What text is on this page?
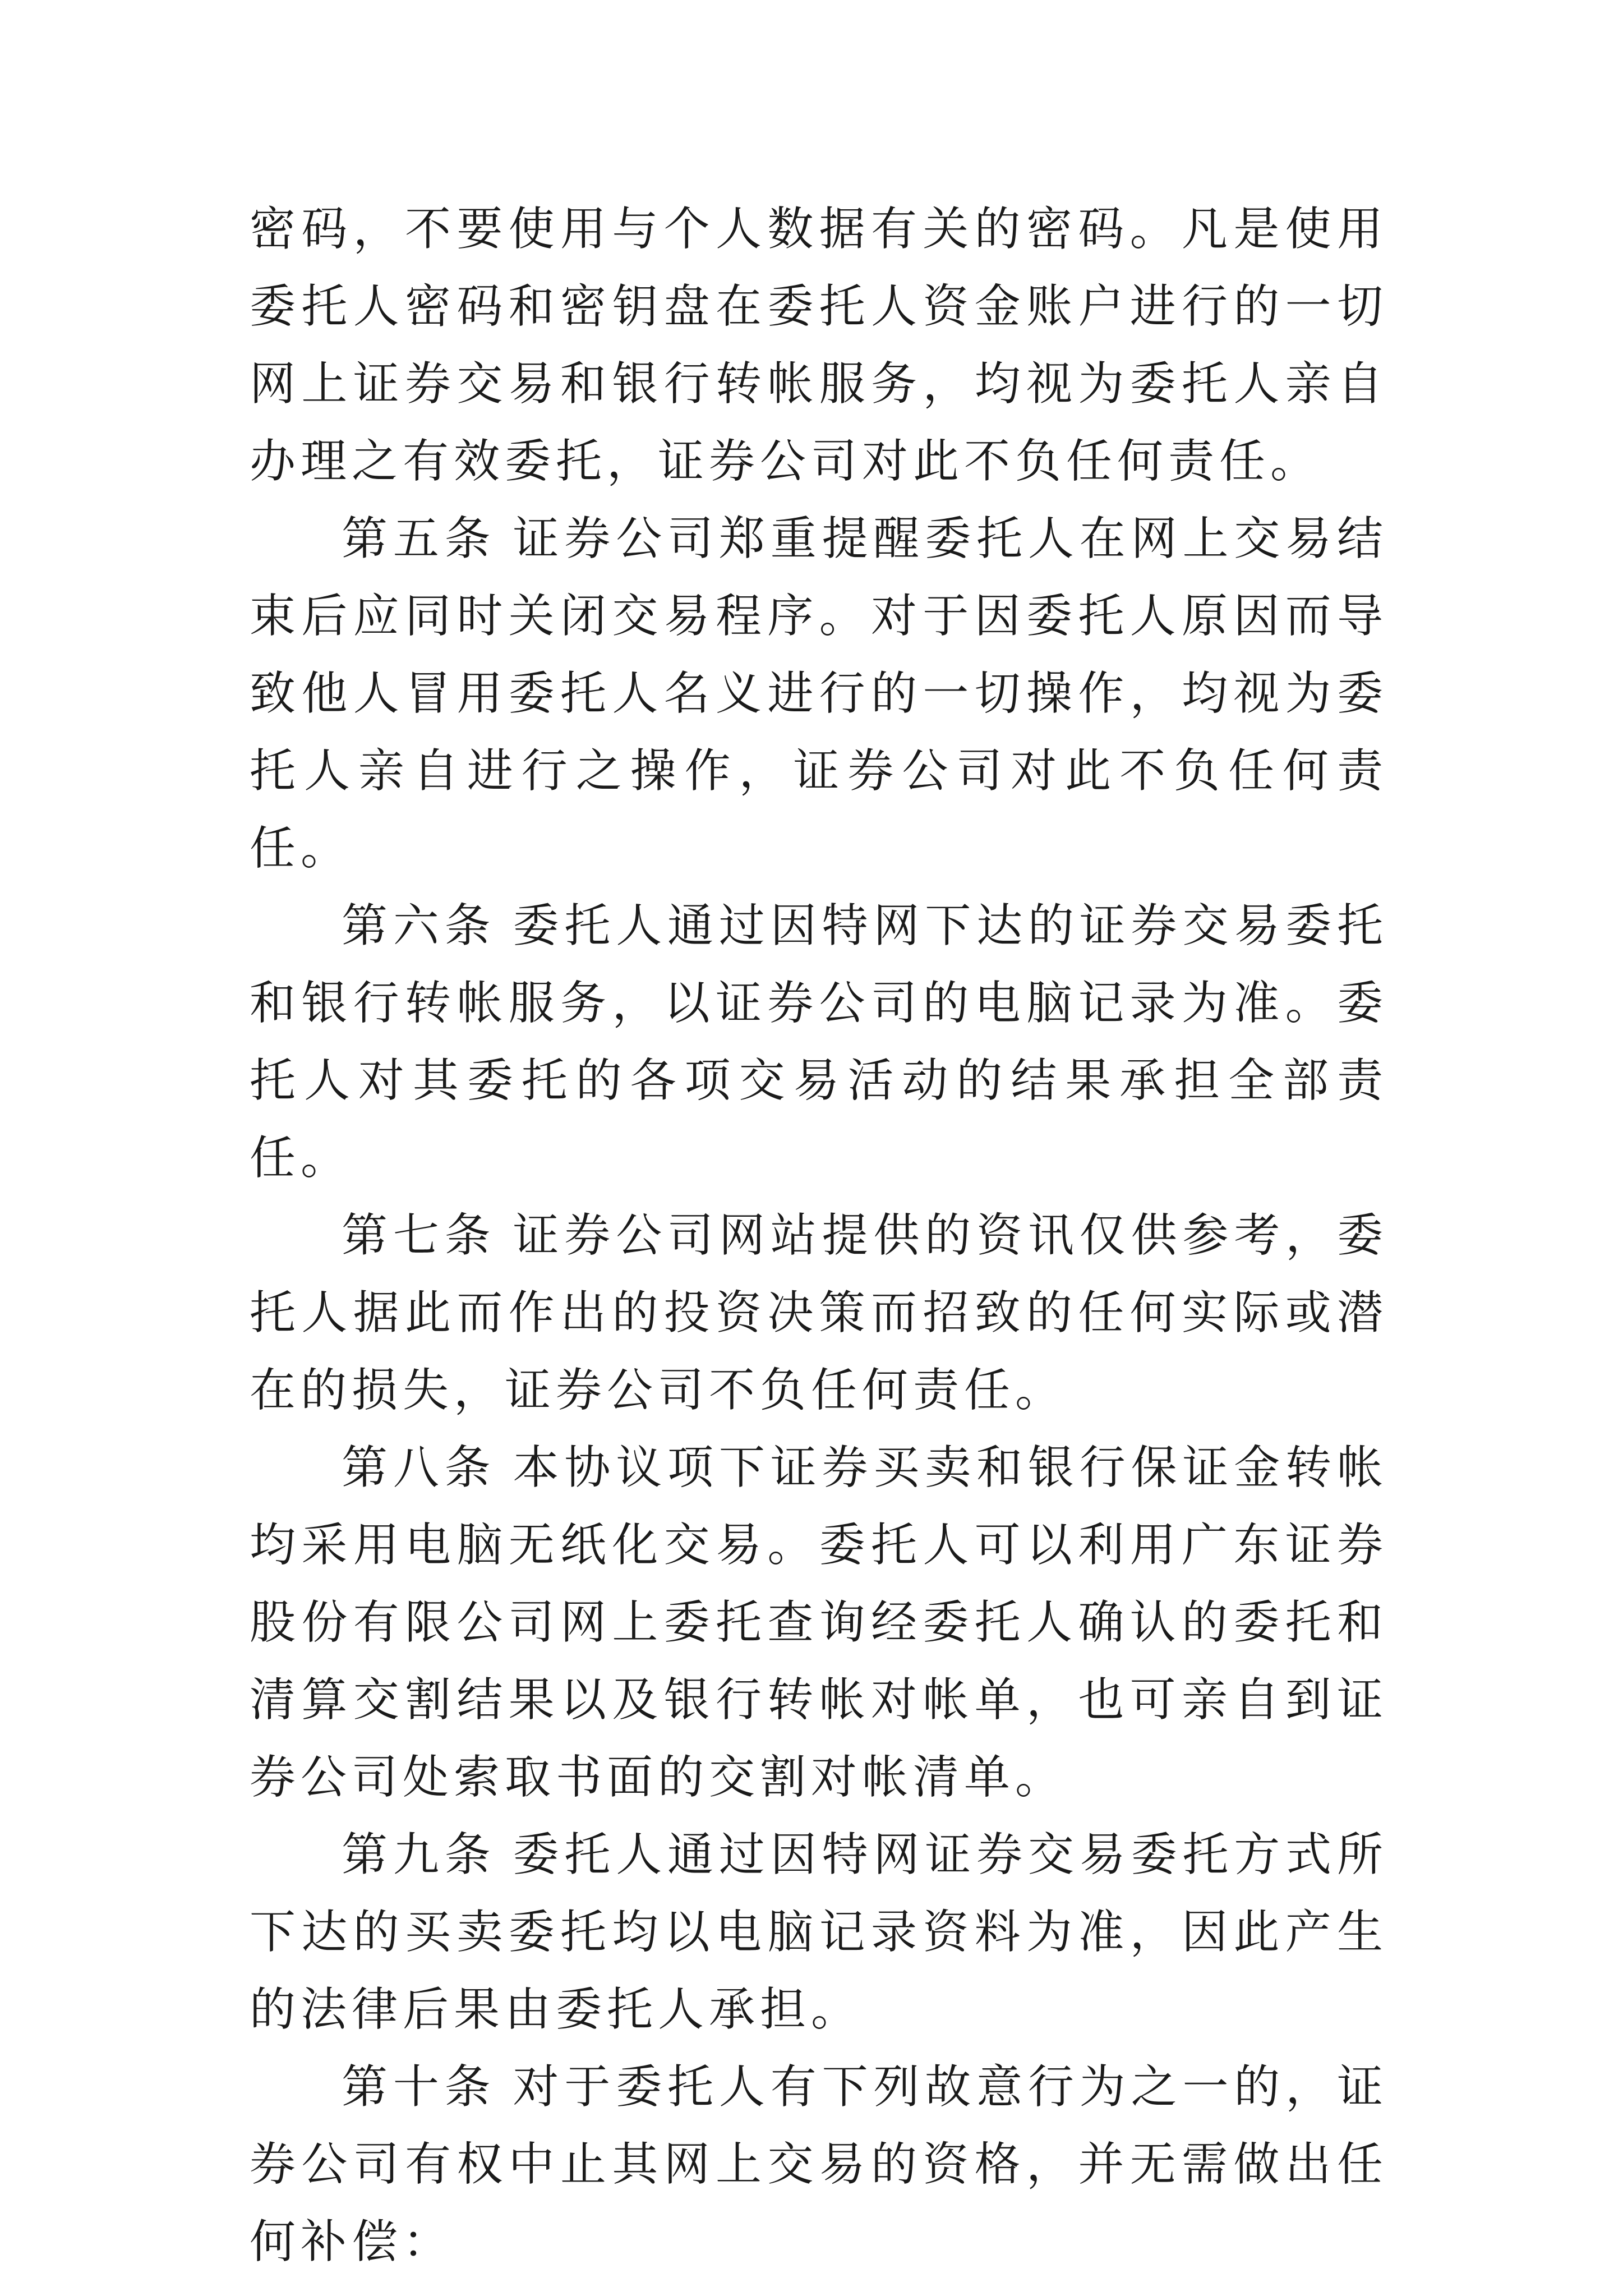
密码，不要使用与个人数据有关的密码。凡是使用委托人密码和密钥盘在委托人资金账户进行的一切网上证券交易和银行转帐服务，均视为委托人亲自办理之有效委托，证券公司对此不负任何责任。

第五条 证券公司郑重提醒委托人在网上交易结束后应同时关闭交易程序。对于因委托人原因而导致他人冒用委托人名义进行的一切操作，均视为委托人亲自进行之操作，证券公司对此不负任何责任。

第六条 委托人通过因特网下达的证券交易委托和银行转帐服务，以证券公司的电脑记录为准。委托人对其委托的各项交易活动的结果承担全部责任。

第七条 证券公司网站提供的资讯仅供参考，委托人据此而作出的投资决策而招致的任何实际或潜在的损失，证券公司不负任何责任。

第八条 本协议项下证券买卖和银行保证金转帐均采用电脑无纸化交易。委托人可以利用广东证券股份有限公司网上委托查询经委托人确认的委托和清算交割结果以及银行转帐对帐单，也可亲自到证券公司处索取书面的交割对帐清单。

第九条 委托人通过因特网证券交易委托方式所下达的买卖委托均以电脑记录资料为准，因此产生的法律后果由委托人承担。

第十条 对于委托人有下列故意行为之一的，证券公司有权中止其网上交易的资格，并无需做出任何补偿：
